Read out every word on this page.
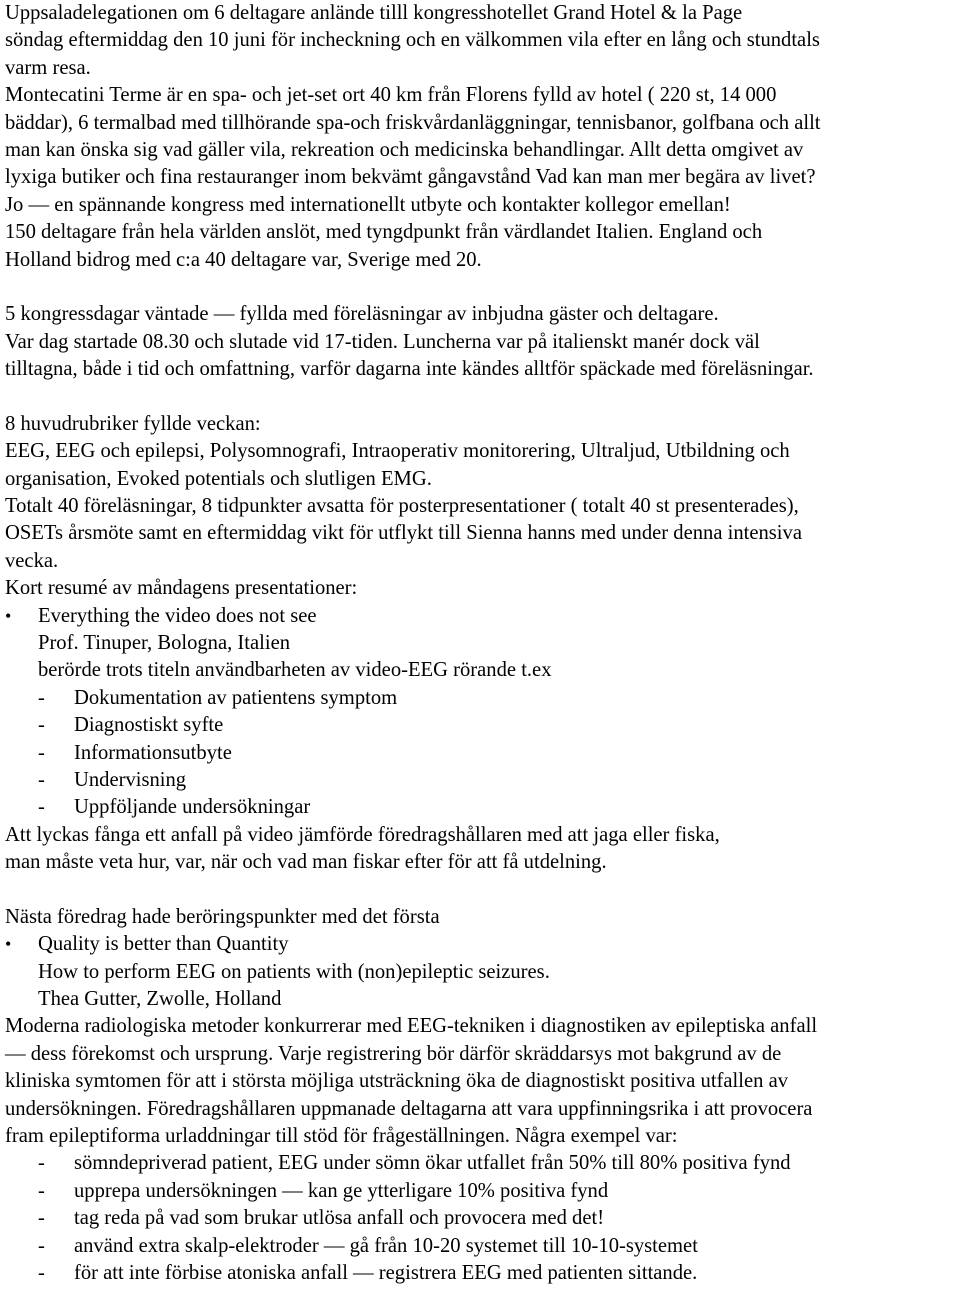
Uppsaladelegationen om 6 deltagare anlände tilll kongresshotellet Grand Hotel & la Page
söndag eftermiddag den 10 juni för incheckning och en välkommen vila efter en lång och stundtals
varm resa.
Montecatini Terme är en spa- och jet-set ort 40 km från Florens fylld av hotel ( 220 st, 14 000
bäddar), 6 termalbad med tillhörande spa-och friskvårdanläggningar, tennisbanor, golfbana och allt
man kan önska sig vad gäller vila, rekreation och medicinska behandlingar. Allt detta omgivet av
lyxiga butiker och fina restauranger inom bekvämt gångavstånd Vad kan man mer begära av livet?
Jo — en spännande kongress med internationellt utbyte och kontakter kollegor emellan!
150 deltagare från hela världen anslöt, med tyngdpunkt från värdlandet Italien. England och
Holland bidrog med c:a 40 deltagare var, Sverige med 20.
5 kongressdagar väntade — fyllda med föreläsningar av inbjudna gäster och deltagare.
Var dag startade 08.30 och slutade vid 17-tiden. Luncherna var på italienskt manér dock väl
tilltagna, både i tid och omfattning, varför dagarna inte kändes alltför späckade med föreläsningar.
8 huvudrubriker fyllde veckan:
EEG, EEG och epilepsi, Polysomnografi, Intraoperativ monitorering, Ultraljud, Utbildning och
organisation, Evoked potentials och slutligen EMG.
Totalt 40 föreläsningar, 8 tidpunkter avsatta för posterpresentationer ( totalt 40 st presenterades),
OSETs årsmöte samt en eftermiddag vikt för utflykt till Sienna hanns med under denna intensiva
vecka.
Kort resumé av måndagens presentationer:
• Everything the video does not see
Prof. Tinuper, Bologna, Italien
berörde trots titeln användbarheten av video-EEG rörande t.ex
- Dokumentation av patientens symptom
- Diagnostiskt syfte
- Informationsutbyte
- Undervisning
- Uppföljande undersökningar
Att lyckas fånga ett anfall på video jämförde föredragshållaren med att jaga eller fiska,
man måste veta hur, var, när och vad man fiskar efter för att få utdelning.
Nästa föredrag hade beröringspunkter med det första
• Quality is better than Quantity
How to perform EEG on patients with (non)epileptic seizures.
Thea Gutter, Zwolle, Holland
Moderna radiologiska metoder konkurrerar med EEG-tekniken i diagnostiken av epileptiska anfall
— dess förekomst och ursprung. Varje registrering bör därför skräddarsys mot bakgrund av de
kliniska symtomen för att i största möjliga utsträckning öka de diagnostiskt positiva utfallen av
undersökningen. Föredragshållaren uppmanade deltagarna att vara uppfinningsrika i att provocera
fram epileptiforma urladdningar till stöd för frågeställningen. Några exempel var:
- sömndepriverad patient, EEG under sömn ökar utfallet från 50% till 80% positiva fynd
- upprepa undersökningen — kan ge ytterligare 10% positiva fynd
- tag reda på vad som brukar utlösa anfall och provocera med det!
- använd extra skalp-elektroder — gå från 10-20 systemet till 10-10-systemet
- för att inte förbise atoniska anfall — registrera EEG med patienten sittande.
